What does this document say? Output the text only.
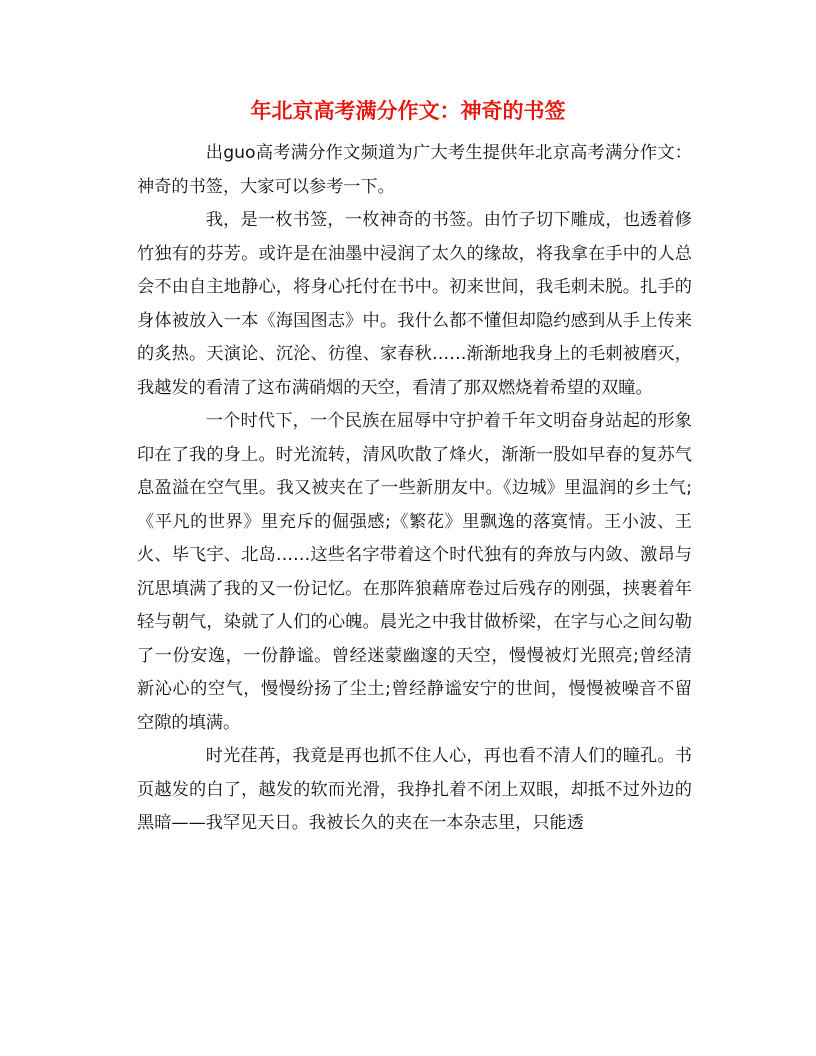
年北京高考满分作文：神奇的书签

出guo高考满分作文频道为广大考生提供年北京高考满分作文：神奇的书签，大家可以参考一下。

我，是一枚书签，一枚神奇的书签。由竹子切下雕成，也透着修竹独有的芬芳。或许是在油墨中浸润了太久的缘故，将我拿在手中的人总会不由自主地静心，将身心托付在书中。初来世间，我毛刺未脱。扎手的身体被放入一本《海国图志》中。我什么都不懂但却隐约感到从手上传来的炙热。天演论、沉沦、彷徨、家春秋……渐渐地我身上的毛刺被磨灭，我越发的看清了这布满硝烟的天空，看清了那双燃烧着希望的双瞳。

一个时代下，一个民族在屈辱中守护着千年文明奋身站起的形象印在了我的身上。时光流转，清风吹散了烽火，渐渐一股如早春的复苏气息盈溢在空气里。我又被夹在了一些新朋友中。《边城》里温润的乡土气;《平凡的世界》里充斥的倔强感;《繁花》里飘逸的落寞情。王小波、王火、毕飞宇、北岛……这些名字带着这个时代独有的奔放与内敛、激昂与沉思填满了我的又一份记忆。在那阵狼藉席卷过后残存的刚强，挟裹着年轻与朝气，染就了人们的心魄。晨光之中我甘做桥梁，在字与心之间勾勒了一份安逸，一份静谧。曾经迷蒙幽邃的天空，慢慢被灯光照亮;曾经清新沁心的空气，慢慢纷扬了尘土;曾经静谧安宁的世间，慢慢被噪音不留空隙的填满。

时光荏苒，我竟是再也抓不住人心，再也看不清人们的瞳孔。书页越发的白了，越发的软而光滑，我挣扎着不闭上双眼，却抵不过外边的黑暗——我罕见天日。我被长久的夹在一本杂志里，只能透
